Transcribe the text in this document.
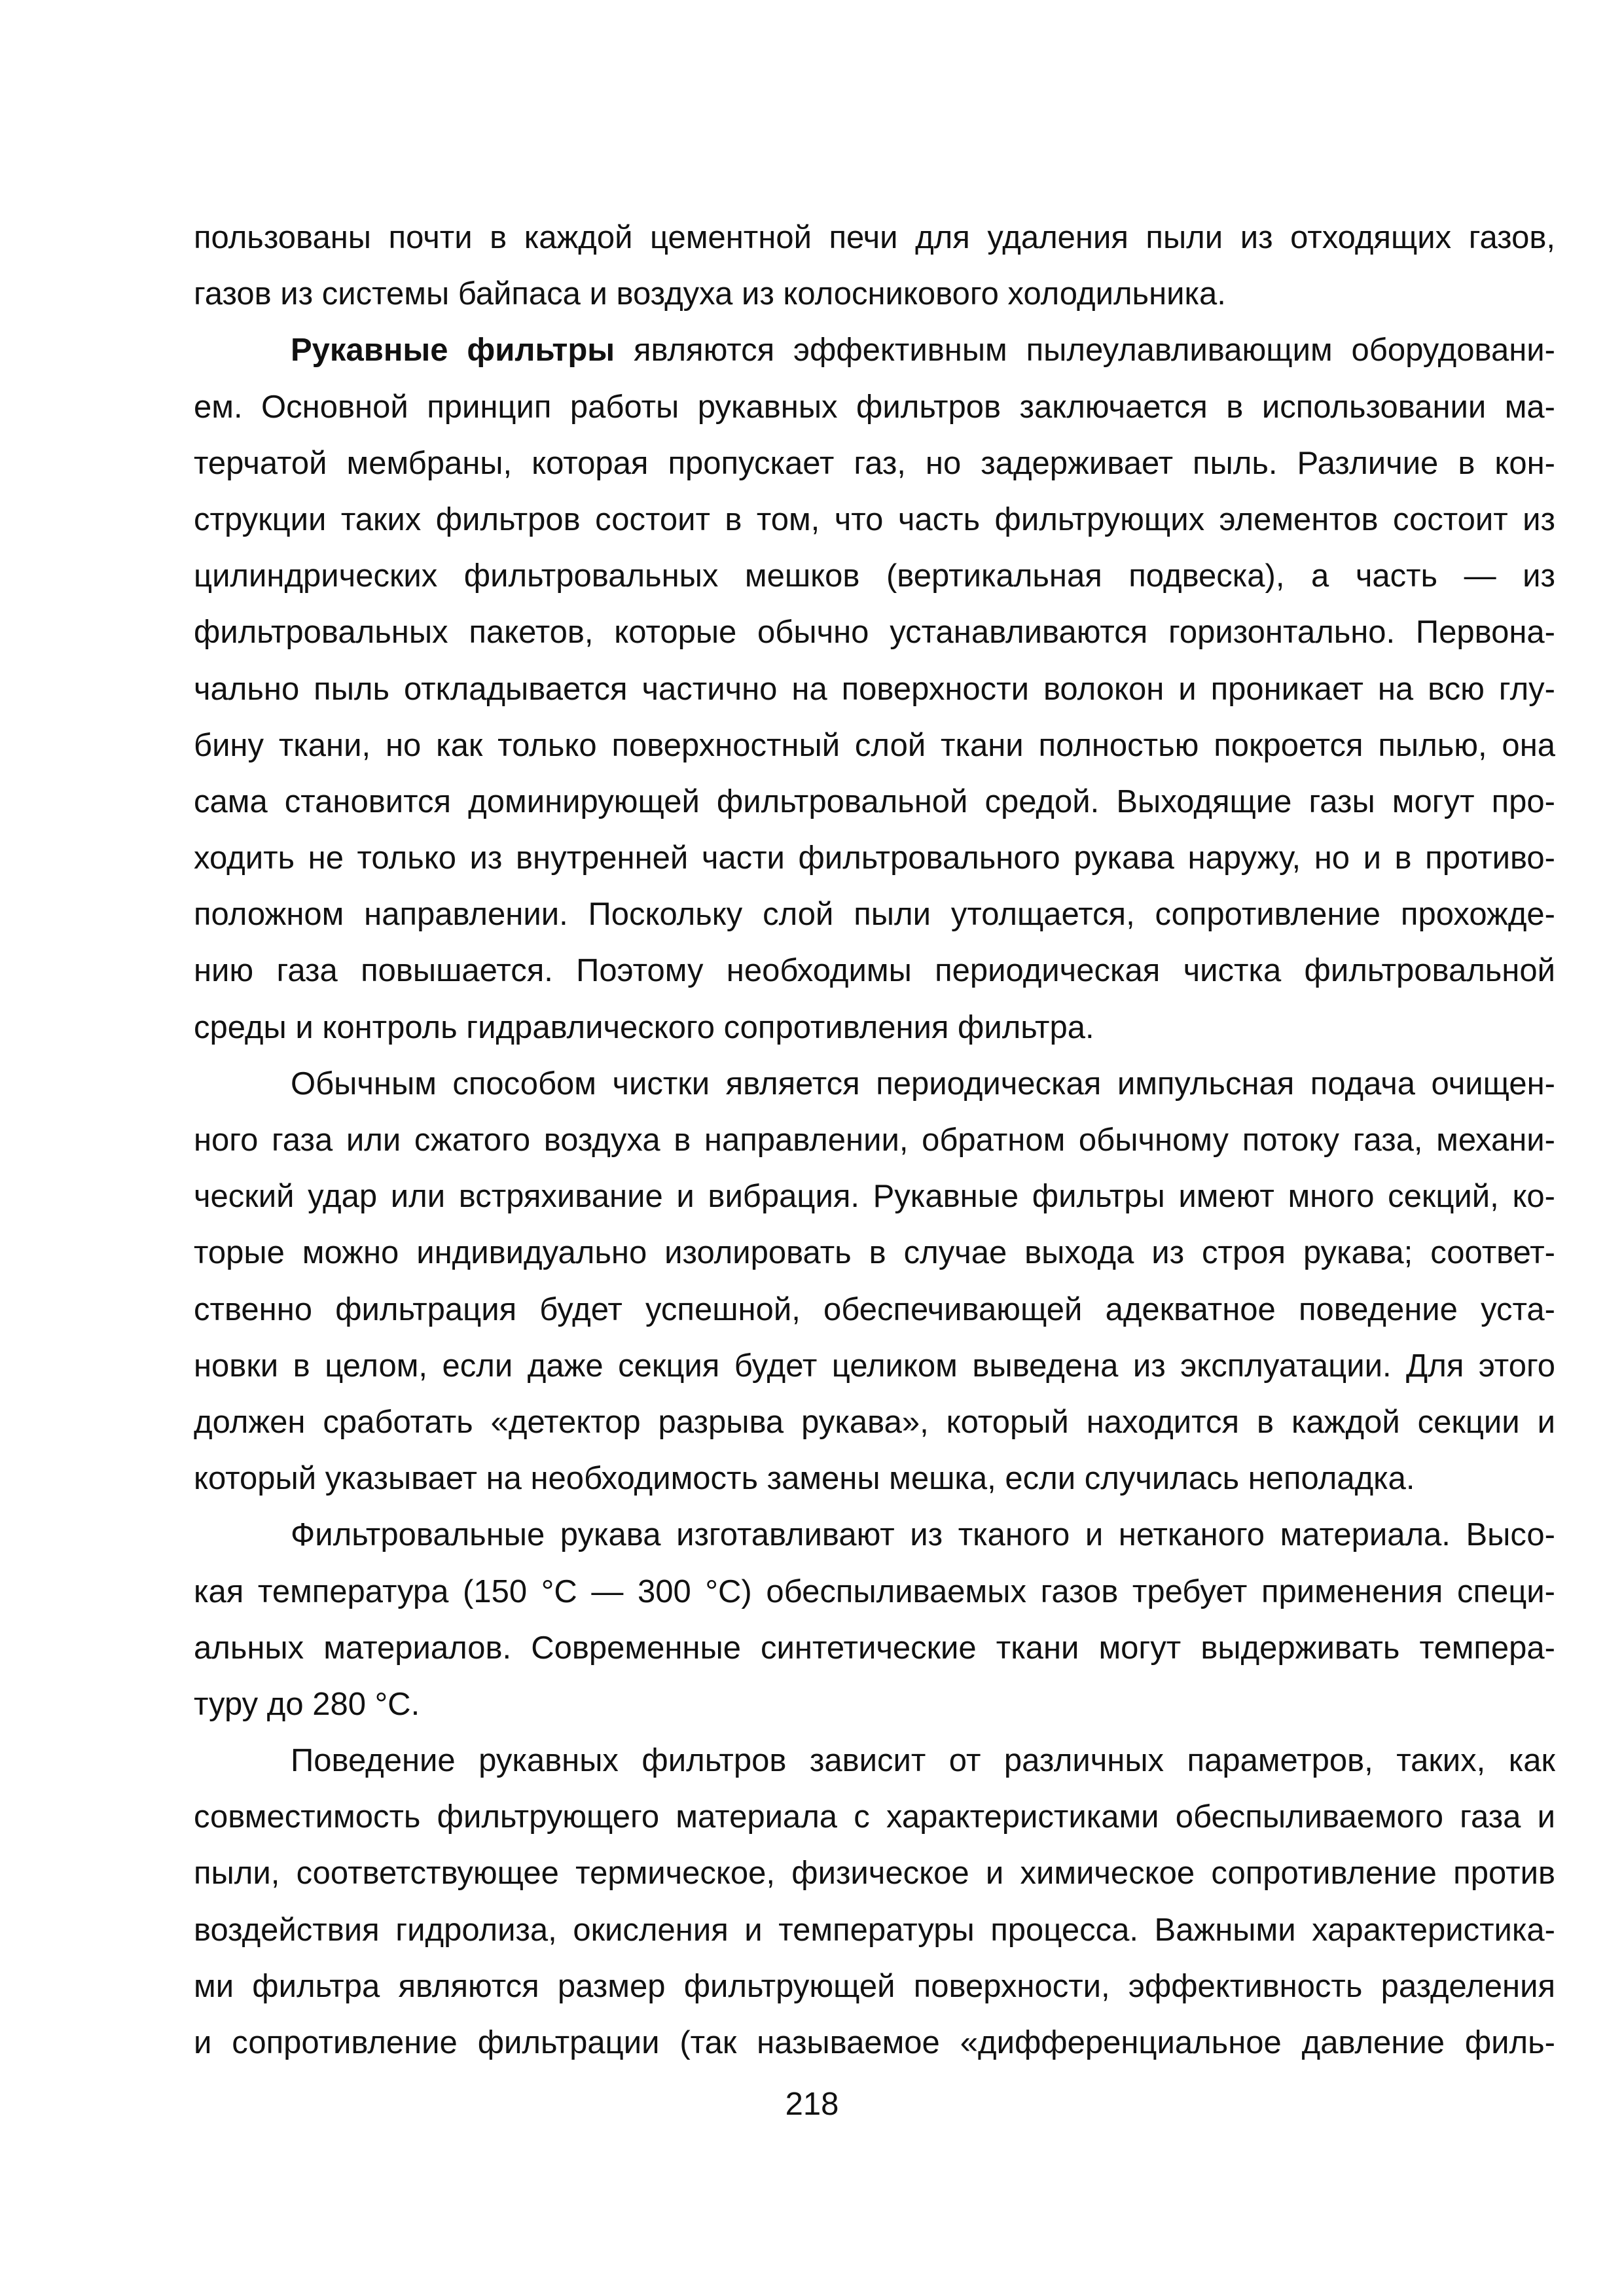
пользованы почти в каждой цементной печи для удаления пыли из отходящих газов,
газов из системы байпаса и воздуха из колосникового холодильника.
Рукавные фильтры являются эффективным пылеулавливающим оборудовани-
ем. Основной принцип работы рукавных фильтров заключается в использовании ма-
терчатой мембраны, которая пропускает газ, но задерживает пыль. Различие в кон-
струкции таких фильтров состоит в том, что часть фильтрующих элементов состоит из
цилиндрических фильтровальных мешков (вертикальная подвеска), а часть — из
фильтровальных пакетов, которые обычно устанавливаются горизонтально. Первона-
чально пыль откладывается частично на поверхности волокон и проникает на всю глу-
бину ткани, но как только поверхностный слой ткани полностью покроется пылью, она
сама становится доминирующей фильтровальной средой. Выходящие газы могут про-
ходить не только из внутренней части фильтровального рукава наружу, но и в противо-
положном направлении. Поскольку слой пыли утолщается, сопротивление прохожде-
нию газа повышается. Поэтому необходимы периодическая чистка фильтровальной
среды и контроль гидравлического сопротивления фильтра.
Обычным способом чистки является периодическая импульсная подача очищен-
ного газа или сжатого воздуха в направлении, обратном обычному потоку газа, механи-
ческий удар или встряхивание и вибрация. Рукавные фильтры имеют много секций, ко-
торые можно индивидуально изолировать в случае выхода из строя рукава; соответ-
ственно фильтрация будет успешной, обеспечивающей адекватное поведение уста-
новки в целом, если даже секция будет целиком выведена из эксплуатации. Для этого
должен сработать «детектор разрыва рукава», который находится в каждой секции и
который указывает на необходимость замены мешка, если случилась неполадка.
Фильтровальные рукава изготавливают из тканого и нетканого материала. Высо-
кая температура (150 °С — 300 °С) обеспыливаемых газов требует применения специ-
альных материалов. Современные синтетические ткани могут выдерживать темпера-
туру до 280 °С.
Поведение рукавных фильтров зависит от различных параметров, таких, как
совместимость фильтрующего материала с характеристиками обеспыливаемого газа и
пыли, соответствующее термическое, физическое и химическое сопротивление против
воздействия гидролиза, окисления и температуры процесса. Важными характеристика-
ми фильтра являются размер фильтрующей поверхности, эффективность разделения
и сопротивление фильтрации (так называемое «дифференциальное давление филь-
218
